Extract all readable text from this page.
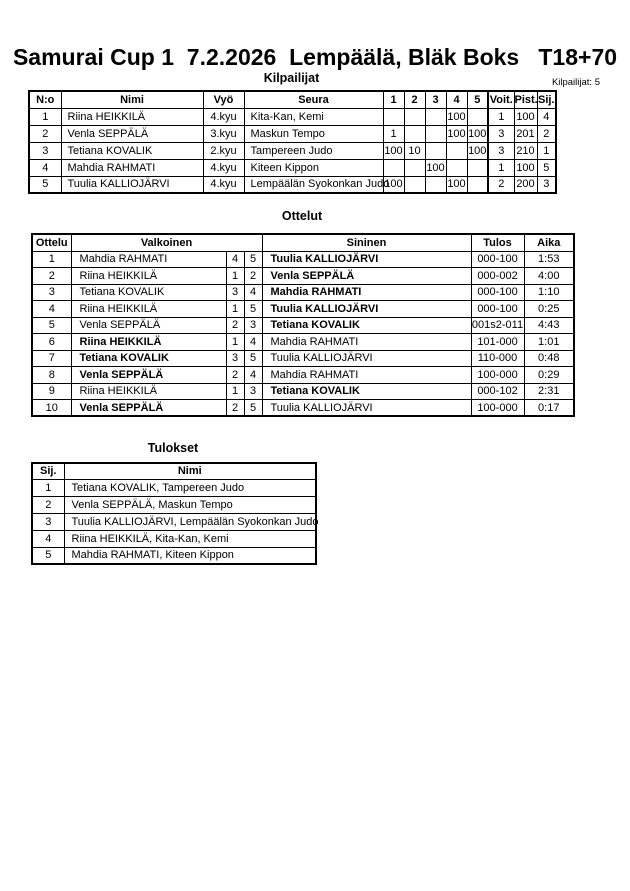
Samurai Cup 1  7.2.2026  Lempäälä, Bläk Boks   T18+70
Kilpailijat	Kilpailijat: 5
N:o	Nimi	Vyö	Seura	1	2	3	4	5	Voit.	Pist.	Sij.
1	Riina HEIKKILÄ	4.kyu	Kita-Kan, Kemi				100		1	100	4
2	Venla SEPPÄLÄ	3.kyu	Maskun Tempo	1			100	100	3	201	2
3	Tetiana KOVALIK	2.kyu	Tampereen Judo	100	10			100	3	210	1
4	Mahdia RAHMATI	4.kyu	Kiteen Kippon			100			1	100	5
5	Tuulia KALLIOJÄRVI	4.kyu	Lempäälän Syokonkan Judo	100			100		2	200	3
Ottelut
Ottelu	Valkoinen			Sininen	Tulos	Aika
1	Mahdia RAHMATI	4	5	Tuulia KALLIOJÄRVI	000-100	1:53
2	Riina HEIKKILÄ	1	2	Venla SEPPÄLÄ	000-002	4:00
3	Tetiana KOVALIK	3	4	Mahdia RAHMATI	000-100	1:10
4	Riina HEIKKILÄ	1	5	Tuulia KALLIOJÄRVI	000-100	0:25
5	Venla SEPPÄLÄ	2	3	Tetiana KOVALIK	001s2-011	4:43
6	Riina HEIKKILÄ	1	4	Mahdia RAHMATI	101-000	1:01
7	Tetiana KOVALIK	3	5	Tuulia KALLIOJÄRVI	110-000	0:48
8	Venla SEPPÄLÄ	2	4	Mahdia RAHMATI	100-000	0:29
9	Riina HEIKKILÄ	1	3	Tetiana KOVALIK	000-102	2:31
10	Venla SEPPÄLÄ	2	5	Tuulia KALLIOJÄRVI	100-000	0:17
Tulokset
Sij.	Nimi
1	Tetiana KOVALIK, Tampereen Judo
2	Venla SEPPÄLÄ, Maskun Tempo
3	Tuulia KALLIOJÄRVI, Lempäälän Syokonkan Judo
4	Riina HEIKKILÄ, Kita-Kan, Kemi
5	Mahdia RAHMATI, Kiteen Kippon
